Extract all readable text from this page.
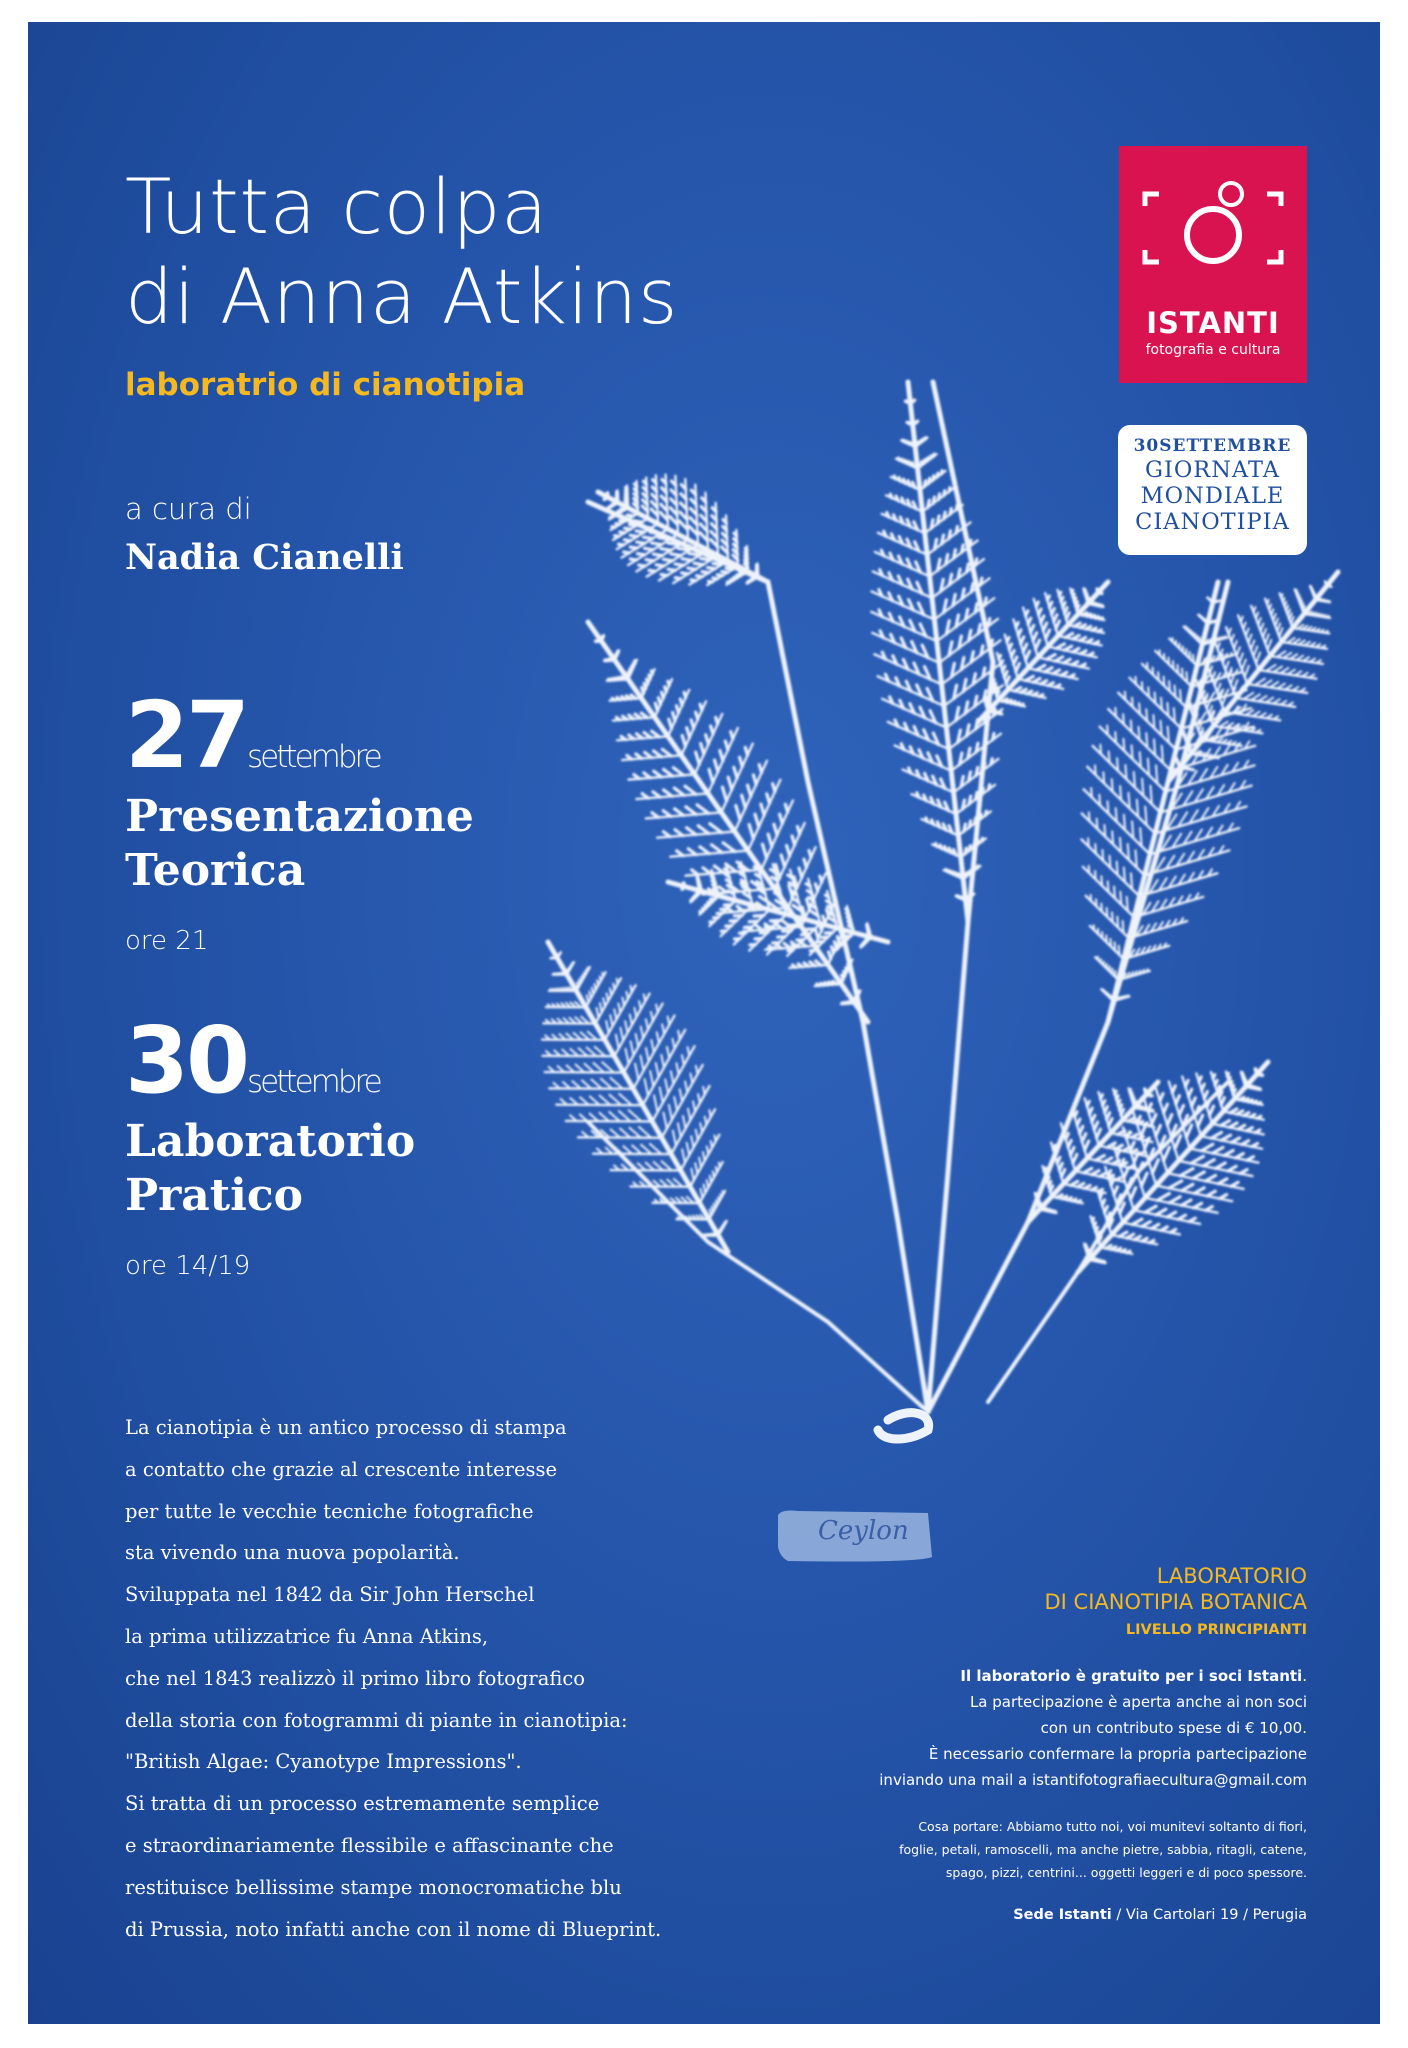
Tutta colpa
di Anna Atkins
laboratrio di cianotipia
a cura di
Nadia Cianelli
27settembre
Presentazione
Teorica
ore 21
30settembre
Laboratorio
Pratico
ore 14/19
La cianotipia è un antico processo di stampa
a contatto che grazie al crescente interesse
per tutte le vecchie tecniche fotografiche
sta vivendo una nuova popolarità.
Sviluppata nel 1842 da Sir John Herschel
la prima utilizzatrice fu Anna Atkins,
che nel 1843 realizzò il primo libro fotografico
della storia con fotogrammi di piante in cianotipia:
"British Algae: Cyanotype Impressions".
Si tratta di un processo estremamente semplice
e straordinariamente flessibile e affascinante che
restituisce bellissime stampe monocromatiche blu
di Prussia, noto infatti anche con il nome di Blueprint.
ISTANTI
fotografia e cultura
30SETTEMBRE
GIORNATA
MONDIALE
CIANOTIPIA
Ceylon
LABORATORIO
DI CIANOTIPIA BOTANICA
LIVELLO PRINCIPIANTI
Il laboratorio è gratuito per i soci Istanti.
La partecipazione è aperta anche ai non soci
con un contributo spese di € 10,00.
È necessario confermare la propria partecipazione
inviando una mail a istantifotografiaecultura@gmail.com
Cosa portare: Abbiamo tutto noi, voi munitevi soltanto di fiori,
foglie, petali, ramoscelli, ma anche pietre, sabbia, ritagli, catene,
spago, pizzi, centrini... oggetti leggeri e di poco spessore.
Sede Istanti / Via Cartolari 19 / Perugia
